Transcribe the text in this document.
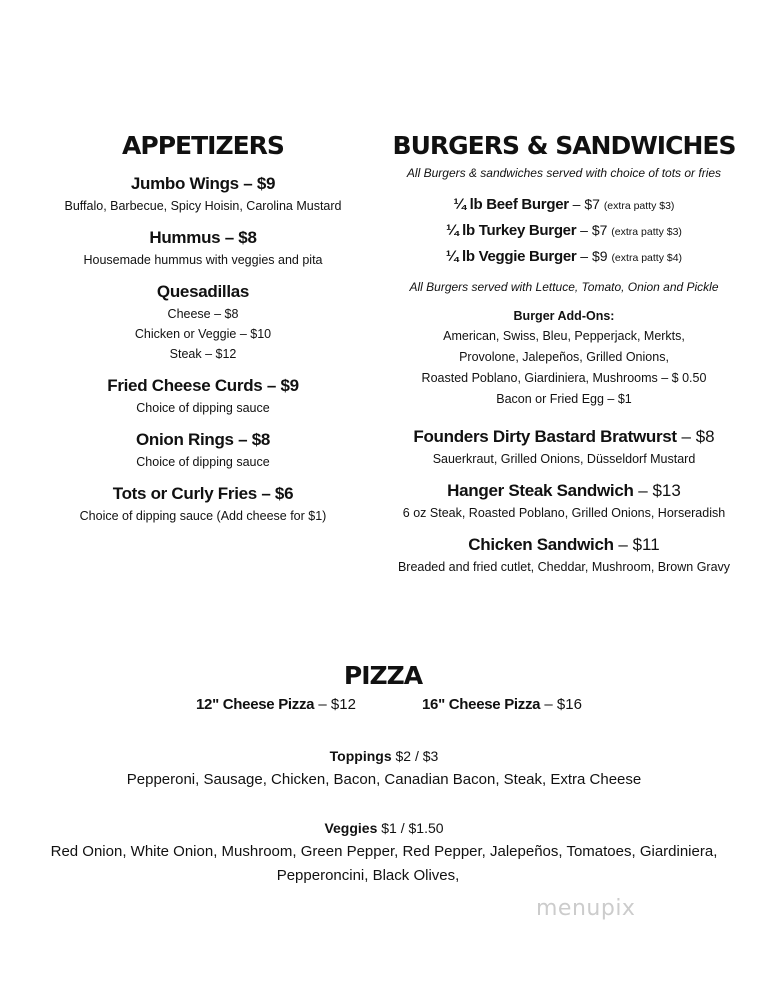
APPETIZERS
Jumbo Wings – $9
Buffalo, Barbecue, Spicy Hoisin, Carolina Mustard
Hummus – $8
Housemade hummus with veggies and pita
Quesadillas
Cheese – $8
Chicken or Veggie – $10
Steak – $12
Fried Cheese Curds – $9
Choice of dipping sauce
Onion Rings – $8
Choice of dipping sauce
Tots or Curly Fries – $6
Choice of dipping sauce (Add cheese for $1)
BURGERS & SANDWICHES
All Burgers & sandwiches served with choice of tots or fries
¼ lb Beef Burger – $7 (extra patty $3)
¼ lb Turkey Burger – $7 (extra patty $3)
¼ lb Veggie Burger – $9 (extra patty $4)
All Burgers served with Lettuce, Tomato, Onion and Pickle
Burger Add-Ons:
American, Swiss, Bleu, Pepperjack, Merkts,
Provolone, Jalepeños, Grilled Onions,
Roasted Poblano, Giardiniera, Mushrooms – $ 0.50
Bacon or Fried Egg – $1
Founders Dirty Bastard Bratwurst – $8
Sauerkraut, Grilled Onions, Düsseldorf Mustard
Hanger Steak Sandwich – $13
6 oz Steak, Roasted Poblano, Grilled Onions, Horseradish
Chicken Sandwich – $11
Breaded and fried cutlet, Cheddar, Mushroom, Brown Gravy
PIZZA
12" Cheese Pizza – $12	16" Cheese Pizza – $16
Toppings $2 / $3
Pepperoni, Sausage, Chicken, Bacon, Canadian Bacon, Steak, Extra Cheese
Veggies $1 / $1.50
Red Onion, White Onion, Mushroom, Green Pepper, Red Pepper, Jalepeños, Tomatoes, Giardiniera,
Pepperoncini, Black Olives,
menupix
